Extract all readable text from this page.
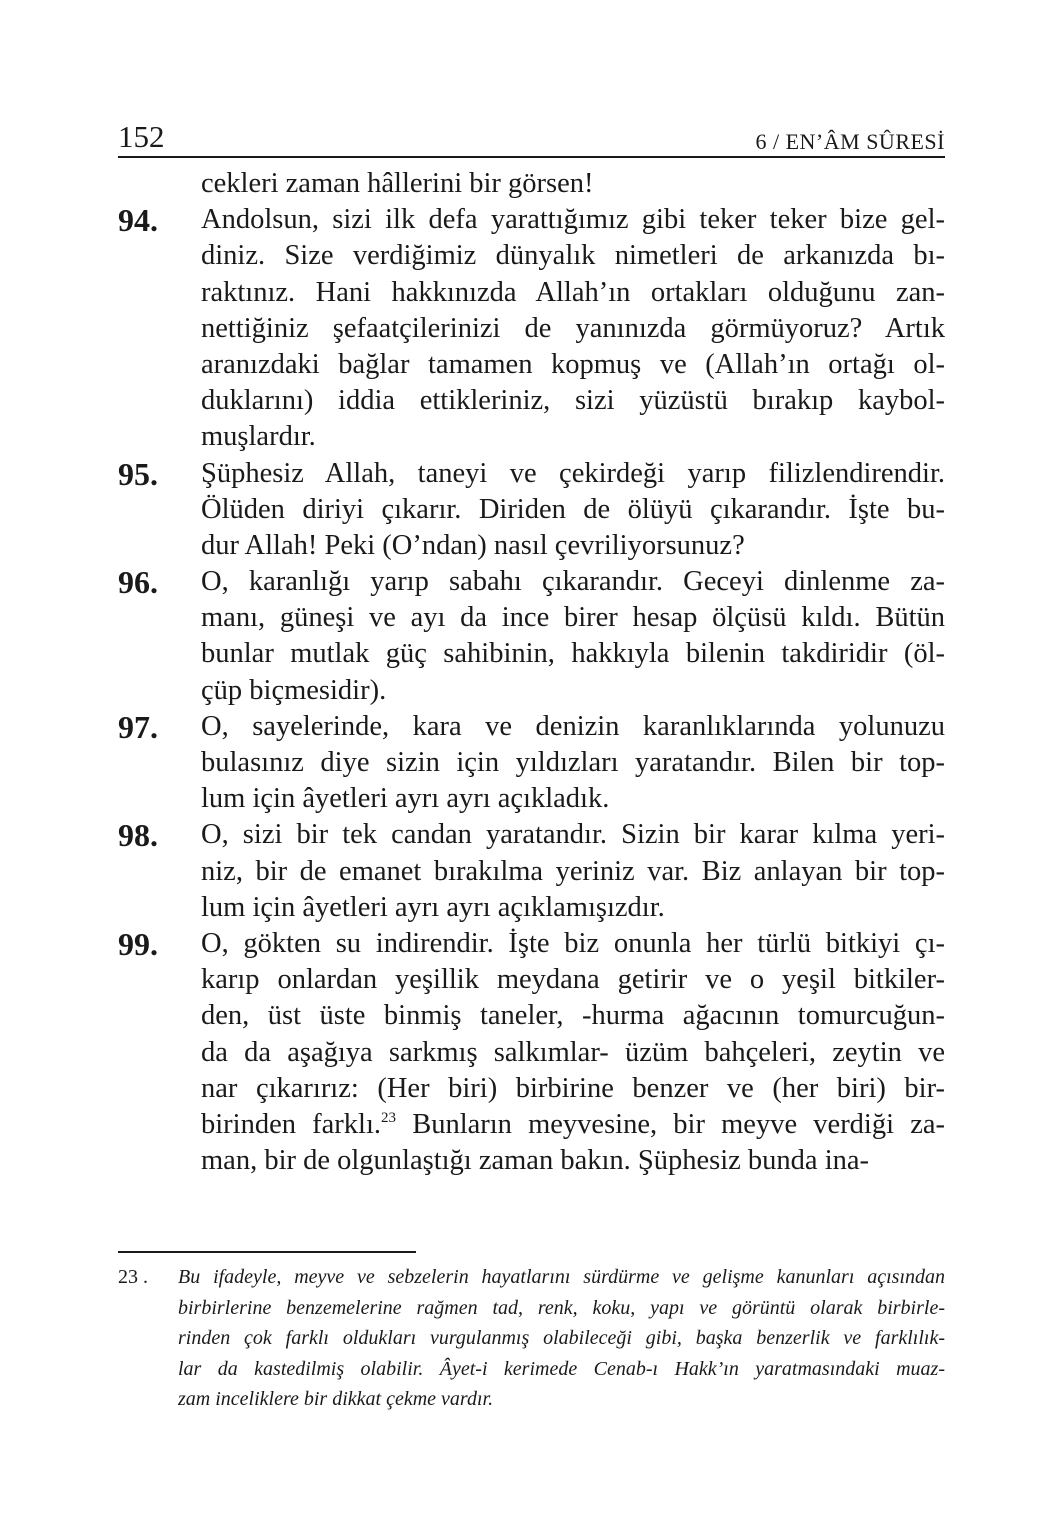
152	6 / EN’ÂM SÛRESİ
cekleri zaman hâllerini bir görsen!
94. Andolsun, sizi ilk defa yarattığımız gibi teker teker bize gel-
diniz. Size verdiğimiz dünyalık nimetleri de arkanızda bı-
raktınız. Hani hakkınızda Allah’ın ortakları olduğunu zan-
nettiğiniz şefaatçilerinizi de yanınızda görmüyoruz? Artık
aranızdaki bağlar tamamen kopmuş ve (Allah’ın ortağı ol-
duklarını) iddia ettikleriniz, sizi yüzüstü bırakıp kaybol-
muşlardır.
95. Şüphesiz Allah, taneyi ve çekirdeği yarıp filizlendirendir.
Ölüden diriyi çıkarır. Diriden de ölüyü çıkarandır. İşte bu-
dur Allah! Peki (O’ndan) nasıl çevriliyorsunuz?
96. O, karanlığı yarıp sabahı çıkarandır. Geceyi dinlenme za-
manı, güneşi ve ayı da ince birer hesap ölçüsü kıldı. Bütün
bunlar mutlak güç sahibinin, hakkıyla bilenin takdiridir (öl-
çüp biçmesidir).
97. O, sayelerinde, kara ve denizin karanlıklarında yolunuzu
bulasınız diye sizin için yıldızları yaratandır. Bilen bir top-
lum için âyetleri ayrı ayrı açıkladık.
98. O, sizi bir tek candan yaratandır. Sizin bir karar kılma yeri-
niz, bir de emanet bırakılma yeriniz var. Biz anlayan bir top-
lum için âyetleri ayrı ayrı açıklamışızdır.
99. O, gökten su indirendir. İşte biz onunla her türlü bitkiyi çı-
karıp onlardan yeşillik meydana getirir ve o yeşil bitkiler-
den, üst üste binmiş taneler, -hurma ağacının tomurcuğun-
da da aşağıya sarkmış salkımlar- üzüm bahçeleri, zeytin ve
nar çıkarırız: (Her biri) birbirine benzer ve (her biri) bir-
birinden farklı.$^{23}$ Bunların meyvesine, bir meyve verdiği za-
man, bir de olgunlaştığı zaman bakın. Şüphesiz bunda ina-
23 . Bu ifadeyle, meyve ve sebzelerin hayatlarını sürdürme ve gelişme kanunları açısından
birbirlerine benzemelerine rağmen tad, renk, koku, yapı ve görüntü olarak birbirle-
rinden çok farklı oldukları vurgulanmış olabileceği gibi, başka benzerlik ve farklılık-
lar da kastedilmiş olabilir. Âyet-i kerimede Cenab-ı Hakk’ın yaratmasındaki muaz-
zam inceliklere bir dikkat çekme vardır.
